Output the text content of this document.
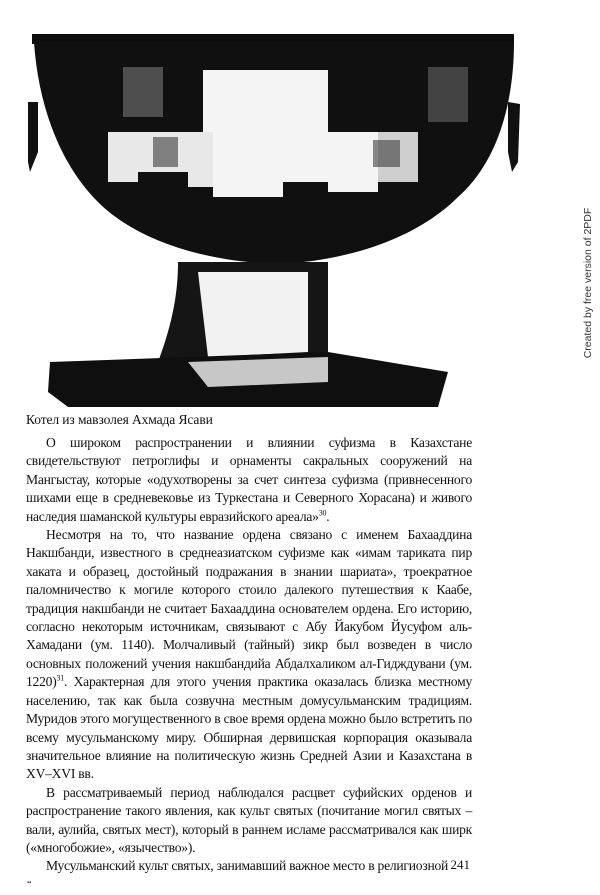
Котел из мавзолея Ахмада Ясави

О широком распространении и влиянии суфизма в Казахстане свидетельствуют петроглифы и орнаменты сакральных сооружений на Мангыстау, которые «одухотворены за счет синтеза суфизма (привнесенного шихами еще в средневековье из Туркестана и Северного Хорасана) и живого наследия шаманской культуры евразийского ареала»$^{30}$.

Несмотря на то, что название ордена связано с именем Бахааддина Накшбанди, известного в среднеазиатском суфизме как «имам тариката пир хаката и образец, достойный подражания в знании шариата», троекратное паломничество к могиле которого стоило далекого путешествия к Каабе, традиция накшбанди не считает Бахааддина основателем ордена. Его историю, согласно некоторым источникам, связывают с Абу Йакубом Йусуфом аль-Хамадани (ум. 1140). Молчаливый (тайный) зикр был возведен в число основных положений учения накшбандийа Абдалхаликом ал-Гидждувани (ум. 1220)$^{31}$. Характерная для этого учения практика оказалась близка местному населению, так как была созвучна местным домусульманским традициям. Муридов этого могущественного в свое время ордена можно было встретить по всему мусульманскому миру. Обширная дервишская корпорация оказывала значительное влияние на политическую жизнь Средней Азии и Казахстана в XV–XVI вв.

В рассматриваемый период наблюдался расцвет суфийских орденов и распространение такого явления, как культ святых (почитание могил святых – вали, аулийа, святых мест), который в раннем исламе рассматривался как ширк («многобожие», «язычество»).

Мусульманский культ святых, занимавший важное место в религиозной 241
Created by free version of 2PDF
▪▪
